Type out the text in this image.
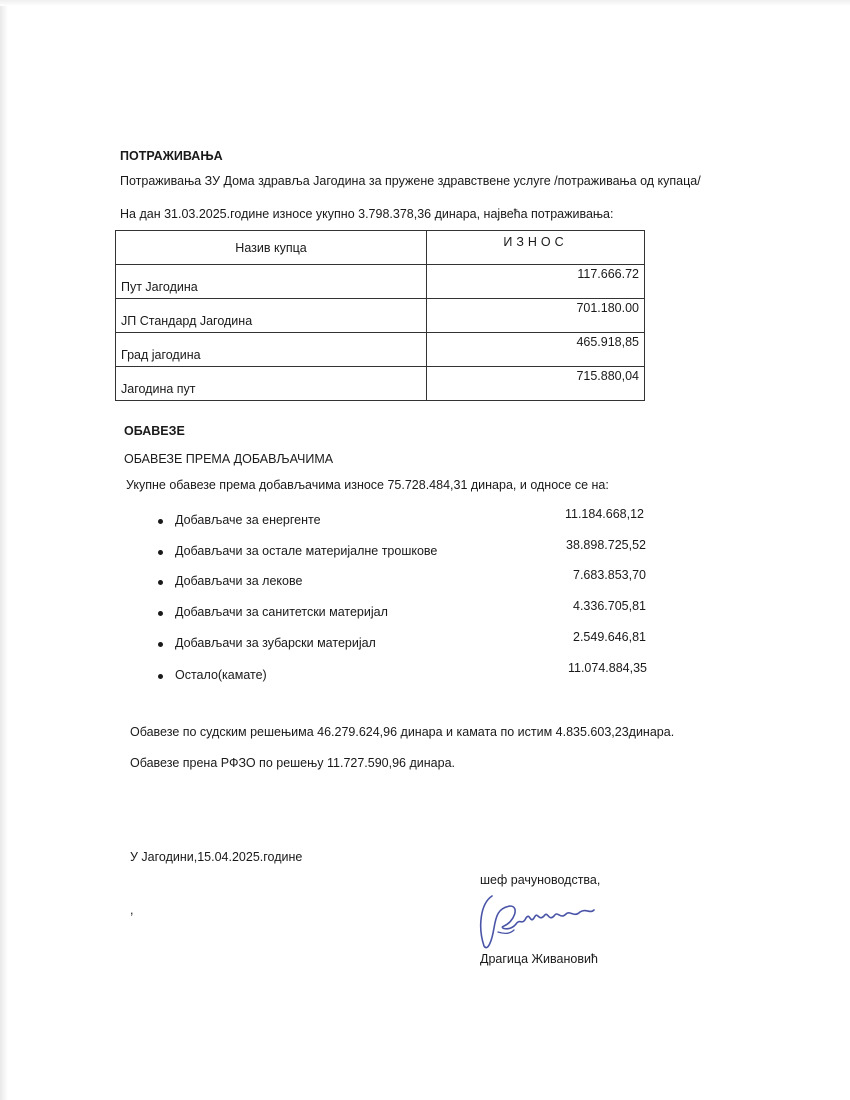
ПОТРАЖИВАЊА
Потраживања ЗУ Дома здравља Јагодина за пружене здравствене услуге /потраживања од купаца/
На дан 31.03.2025.године износе укупно 3.798.378,36 динара, највећа потраживања:
Назив купца	ИЗНОС
Пут Јагодина	117.666.72
ЈП Стандард Јагодина	701.180.00
Град јагодина	465.918,85
Јагодина пут	715.880,04
ОБАВЕЗЕ
ОБАВЕЗЕ ПРЕМА ДОБАВЉАЧИМА
Укупне обавезе према добављачима износе 75.728.484,31 динара, и односе се на:
Добављаче за енергенте	11.184.668,12
Добављачи за остале материјалне трошкове	38.898.725,52
Добављачи за лекове	7.683.853,70
Добављачи за санитетски материјал	4.336.705,81
Добављачи за зубарски материјал	2.549.646,81
Остало(камате)	11.074.884,35
Обавезе по судским решењима 46.279.624,96 динара и камата по истим 4.835.603,23динара.
Обавезе прена РФЗО по решењу 11.727.590,96 динара.
У Јагодини,15.04.2025.године
,
шеф рачуноводства,
Драгица Живановић
